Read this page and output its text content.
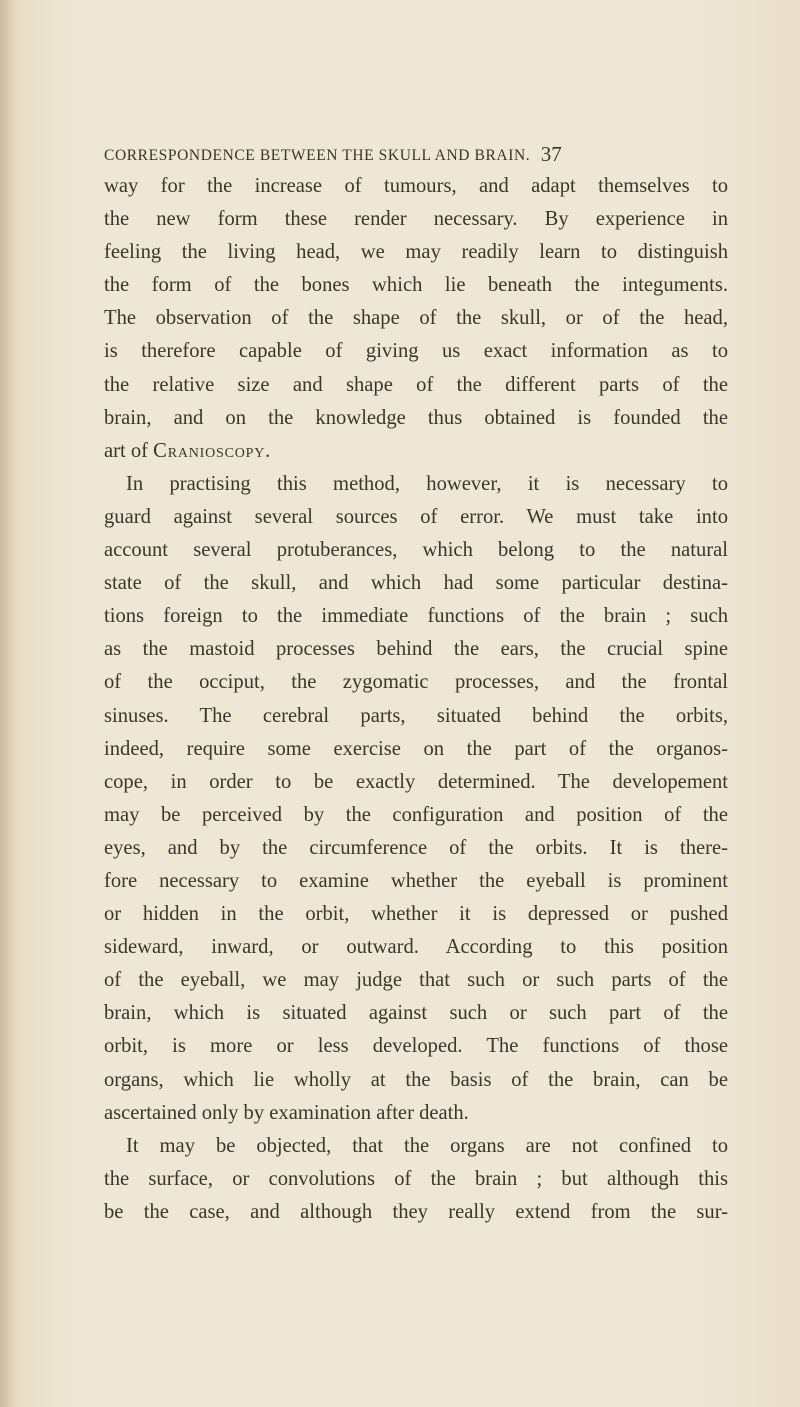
CORRESPONDENCE BETWEEN THE SKULL AND BRAIN. 37
way for the increase of tumours, and adapt themselves to
the new form these render necessary. By experience in
feeling the living head, we may readily learn to distinguish
the form of the bones which lie beneath the integuments.
The observation of the shape of the skull, or of the head,
is therefore capable of giving us exact information as to
the relative size and shape of the different parts of the
brain, and on the knowledge thus obtained is founded the
art of Cranioscopy.
In practising this method, however, it is necessary to
guard against several sources of error. We must take into
account several protuberances, which belong to the natural
state of the skull, and which had some particular destina-
tions foreign to the immediate functions of the brain ; such
as the mastoid processes behind the ears, the crucial spine
of the occiput, the zygomatic processes, and the frontal
sinuses. The cerebral parts, situated behind the orbits,
indeed, require some exercise on the part of the organos-
cope, in order to be exactly determined. The developement
may be perceived by the configuration and position of the
eyes, and by the circumference of the orbits. It is there-
fore necessary to examine whether the eyeball is prominent
or hidden in the orbit, whether it is depressed or pushed
sideward, inward, or outward. According to this position
of the eyeball, we may judge that such or such parts of the
brain, which is situated against such or such part of the
orbit, is more or less developed. The functions of those
organs, which lie wholly at the basis of the brain, can be
ascertained only by examination after death.
It may be objected, that the organs are not confined to
the surface, or convolutions of the brain ; but although this
be the case, and although they really extend from the sur-
